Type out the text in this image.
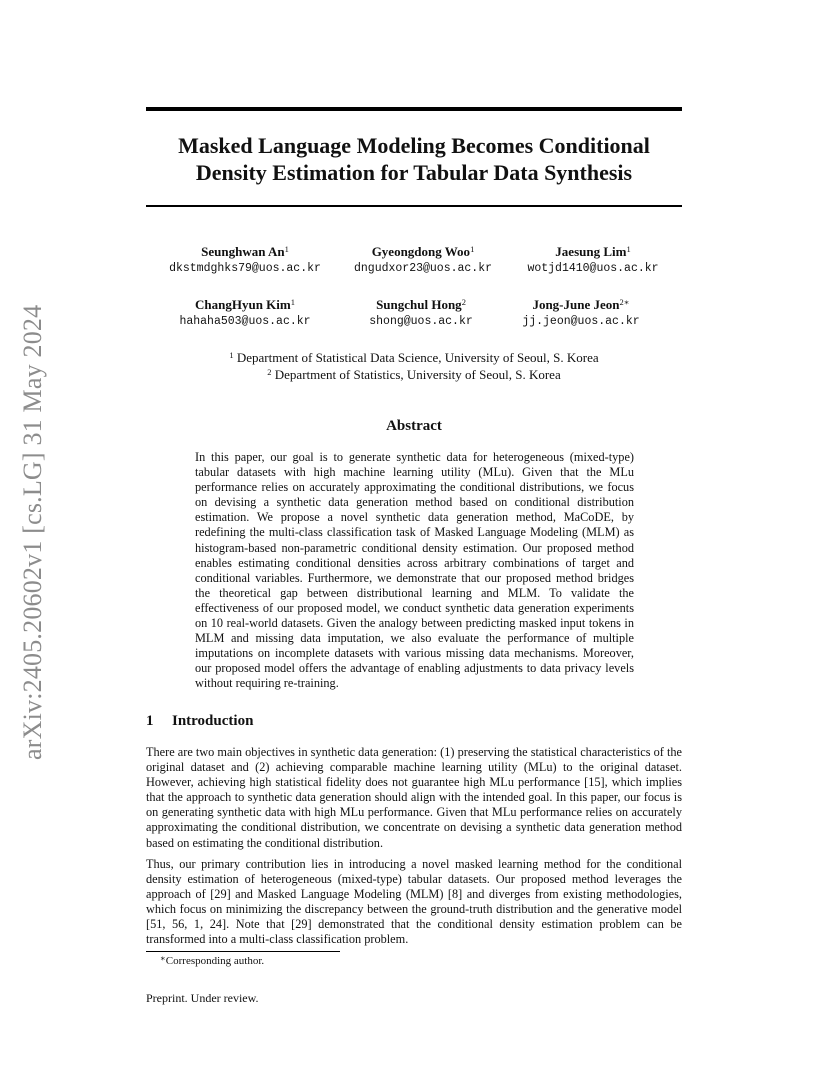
arXiv:2405.20602v1 [cs.LG] 31 May 2024
Masked Language Modeling Becomes Conditional Density Estimation for Tabular Data Synthesis
Seunghwan An$^1$
dkstmdghks79@uos.ac.kr
Gyeongdong Woo$^1$
dngudxor23@uos.ac.kr
Jaesung Lim$^1$
wotjd1410@uos.ac.kr
ChangHyun Kim$^1$
hahaha503@uos.ac.kr
Sungchul Hong$^2$
shong@uos.ac.kr
Jong-June Jeon$^{2∗}$
jj.jeon@uos.ac.kr
$^1$ Department of Statistical Data Science, University of Seoul, S. Korea
$^2$ Department of Statistics, University of Seoul, S. Korea
Abstract
In this paper, our goal is to generate synthetic data for heterogeneous (mixed-type) tabular datasets with high machine learning utility (MLu). Given that the MLu performance relies on accurately approximating the conditional distributions, we focus on devising a synthetic data generation method based on conditional distribution estimation. We propose a novel synthetic data generation method, MaCoDE, by redefining the multi-class classification task of Masked Language Modeling (MLM) as histogram-based non-parametric conditional density estimation. Our proposed method enables estimating conditional densities across arbitrary combinations of target and conditional variables. Furthermore, we demonstrate that our proposed method bridges the theoretical gap between distributional learning and MLM. To validate the effectiveness of our proposed model, we conduct synthetic data generation experiments on 10 real-world datasets. Given the analogy between predicting masked input tokens in MLM and missing data imputation, we also evaluate the performance of multiple imputations on incomplete datasets with various missing data mechanisms. Moreover, our proposed model offers the advantage of enabling adjustments to data privacy levels without requiring re-training.
1 Introduction
There are two main objectives in synthetic data generation: (1) preserving the statistical characteristics of the original dataset and (2) achieving comparable machine learning utility (MLu) to the original dataset. However, achieving high statistical fidelity does not guarantee high MLu performance [15], which implies that the approach to synthetic data generation should align with the intended goal. In this paper, our focus is on generating synthetic data with high MLu performance. Given that MLu performance relies on accurately approximating the conditional distribution, we concentrate on devising a synthetic data generation method based on estimating the conditional distribution.
Thus, our primary contribution lies in introducing a novel masked learning method for the conditional density estimation of heterogeneous (mixed-type) tabular datasets. Our proposed method leverages the approach of [29] and Masked Language Modeling (MLM) [8] and diverges from existing methodologies, which focus on minimizing the discrepancy between the ground-truth distribution and the generative model [51, 56, 1, 24]. Note that [29] demonstrated that the conditional density estimation problem can be transformed into a multi-class classification problem.
∗Corresponding author.
Preprint. Under review.
